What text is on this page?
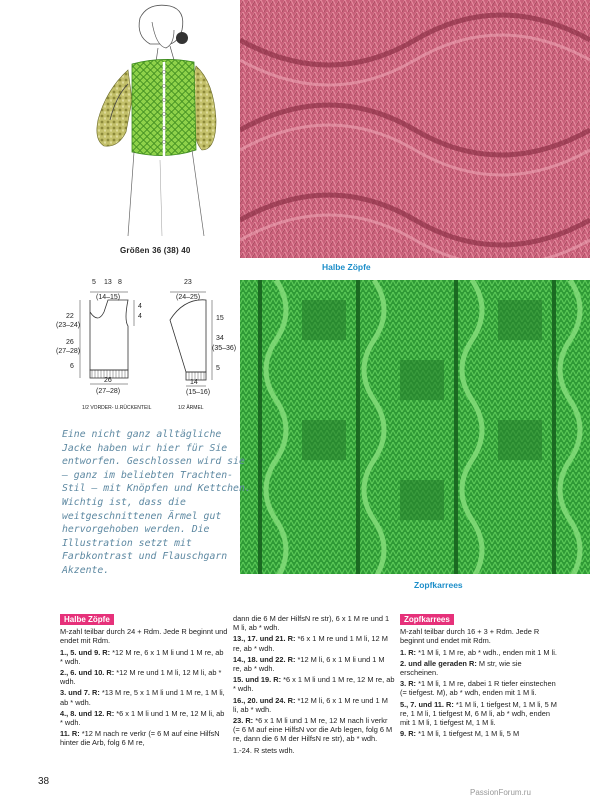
Größen 36 (38) 40
5 13 8
(14–15)
22
(23–24)
26
(27–28)
6
4
4
26
(27–28)
1/2 VORDER- U.RÜCKENTEIL
23
(24–25)
15
34
(35–36)
5
14
(15–16)
1/2 ÄRMEL
Halbe Zöpfe
Zopfkarrees
Eine nicht ganz alltägliche Jacke haben wir hier für Sie entworfen. Geschlossen wird sie – ganz im beliebten Trachten-Stil – mit Knöpfen und Kettchen. Wichtig ist, dass die weitgeschnittenen Ärmel gut hervorgehoben werden. Die Illustration setzt mit Farbkontrast und Flauschgarn Akzente.
Halbe Zöpfe

M-zahl teilbar durch 24 + Rdm. Jede R beginnt und endet mit Rdm.

1., 5. und 9. R: *12 M re, 6 x 1 M li und 1 M re, ab * wdh.

2., 6. und 10. R: *12 M re und 1 M li, 12 M li, ab * wdh.

3. und 7. R: *13 M re, 5 x 1 M li und 1 M re, 1 M li, ab * wdh.

4., 8. und 12. R: *6 x 1 M li und 1 M re, 12 M li, ab * wdh.

11. R: *12 M nach re verkr (= 6 M auf eine HilfsN hinter die Arb, folg 6 M re,

dann die 6 M der HilfsN re str), 6 x 1 M re und 1 M li, ab * wdh.

13., 17. und 21. R: *6 x 1 M re und 1 M li, 12 M re, ab * wdh.

14., 18. und 22. R: *12 M li, 6 x 1 M li und 1 M re, ab * wdh.

15. und 19. R: *6 x 1 M li und 1 M re, 12 M re, ab * wdh.

16., 20. und 24. R: *12 M li, 6 x 1 M re und 1 M li, ab * wdh.

23. R: *6 x 1 M li und 1 M re, 12 M nach li verkr (= 6 M auf eine HilfsN vor die Arb legen, folg 6 M re, dann die 6 M der HilfsN re str), ab * wdh.

1.-24. R stets wdh.

Zopfkarrees

M-zahl teilbar durch 16 + 3 + Rdm. Jede R beginnt und endet mit Rdm.

1. R: *1 M li, 1 M re, ab * wdh., enden mit 1 M li.

2. und alle geraden R: M str, wie sie erscheinen.

3. R: *1 M li, 1 M re, dabei 1 R tiefer einstechen (= tiefgest. M), ab * wdh, enden mit 1 M li.

5., 7. und 11. R: *1 M li, 1 tiefgest M, 1 M li, 5 M re, 1 M li, 1 tiefgest M, 6 M li, ab * wdh, enden mit 1 M li, 1 tiefgest M, 1 M li.

9. R: *1 M li, 1 tiefgest M, 1 M li, 5 M

38
PassionForum.ru
